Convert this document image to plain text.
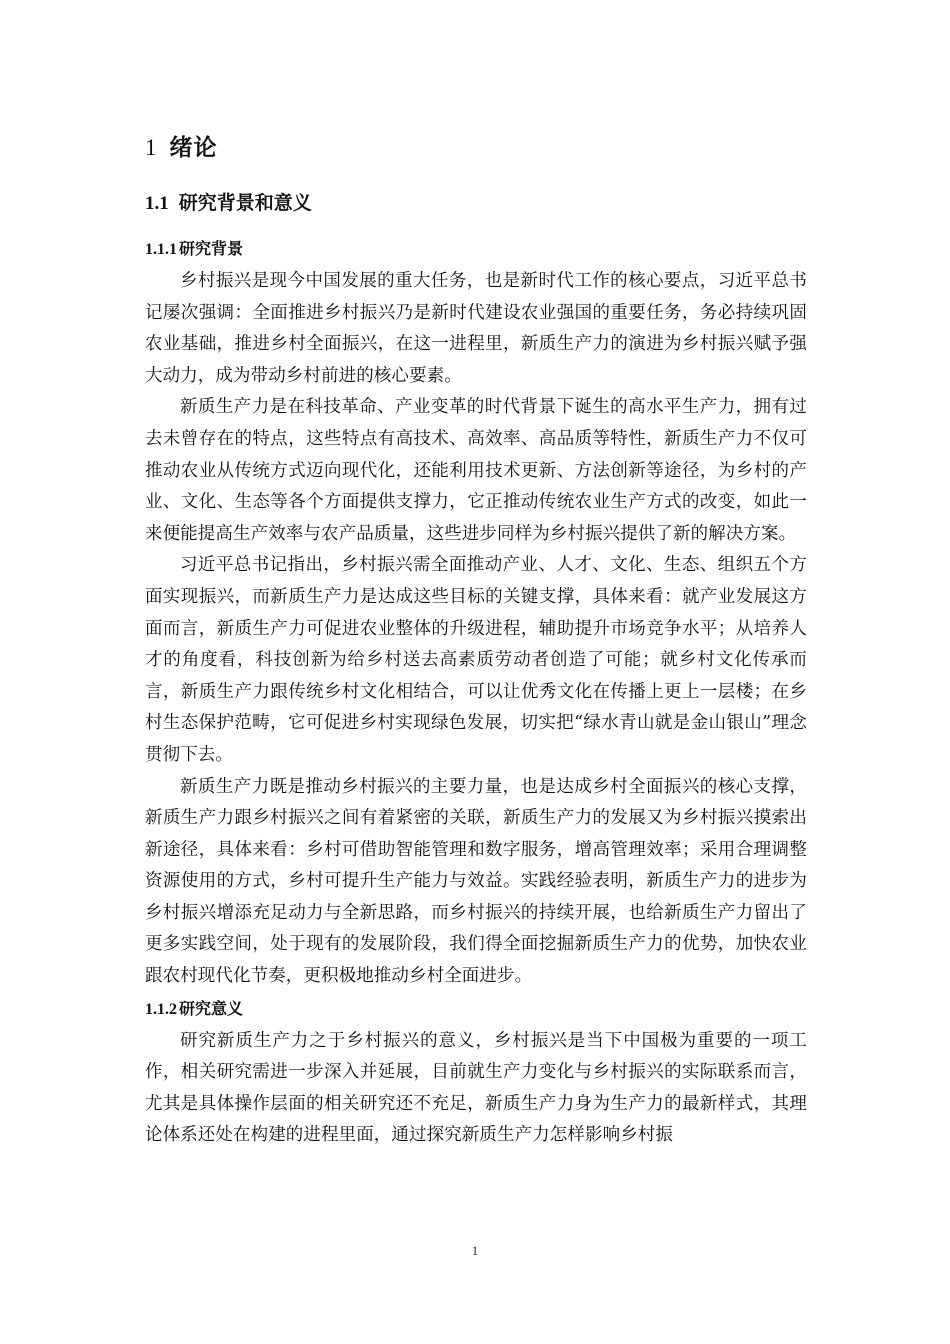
1 绪论
1.1 研究背景和意义
1.1.1 研究背景

乡村振兴是现今中国发展的重大任务，也是新时代工作的核心要点，习近平总书记屡次强调：全面推进乡村振兴乃是新时代建设农业强国的重要任务，务必持续巩固农业基础，推进乡村全面振兴，在这一进程里，新质生产力的演进为乡村振兴赋予强大动力，成为带动乡村前进的核心要素。

新质生产力是在科技革命、产业变革的时代背景下诞生的高水平生产力，拥有过去未曾存在的特点，这些特点有高技术、高效率、高品质等特性，新质生产力不仅可推动农业从传统方式迈向现代化，还能利用技术更新、方法创新等途径，为乡村的产业、文化、生态等各个方面提供支撑力，它正推动传统农业生产方式的改变，如此一来便能提高生产效率与农产品质量，这些进步同样为乡村振兴提供了新的解决方案。

习近平总书记指出，乡村振兴需全面推动产业、人才、文化、生态、组织五个方面实现振兴，而新质生产力是达成这些目标的关键支撑，具体来看：就产业发展这方面而言，新质生产力可促进农业整体的升级进程，辅助提升市场竞争水平；从培养人才的角度看，科技创新为给乡村送去高素质劳动者创造了可能；就乡村文化传承而言，新质生产力跟传统乡村文化相结合，可以让优秀文化在传播上更上一层楼；在乡村生态保护范畴，它可促进乡村实现绿色发展，切实把“绿水青山就是金山银山”理念贯彻下去。

新质生产力既是推动乡村振兴的主要力量，也是达成乡村全面振兴的核心支撑，新质生产力跟乡村振兴之间有着紧密的关联，新质生产力的发展又为乡村振兴摸索出新途径，具体来看：乡村可借助智能管理和数字服务，增高管理效率；采用合理调整资源使用的方式，乡村可提升生产能力与效益。实践经验表明，新质生产力的进步为乡村振兴增添充足动力与全新思路，而乡村振兴的持续开展，也给新质生产力留出了更多实践空间，处于现有的发展阶段，我们得全面挖掘新质生产力的优势，加快农业跟农村现代化节奏，更积极地推动乡村全面进步。

1.1.2 研究意义

研究新质生产力之于乡村振兴的意义，乡村振兴是当下中国极为重要的一项工作，相关研究需进一步深入并延展，目前就生产力变化与乡村振兴的实际联系而言，尤其是具体操作层面的相关研究还不充足，新质生产力身为生产力的最新样式，其理论体系还处在构建的进程里面，通过探究新质生产力怎样影响乡村振

1
